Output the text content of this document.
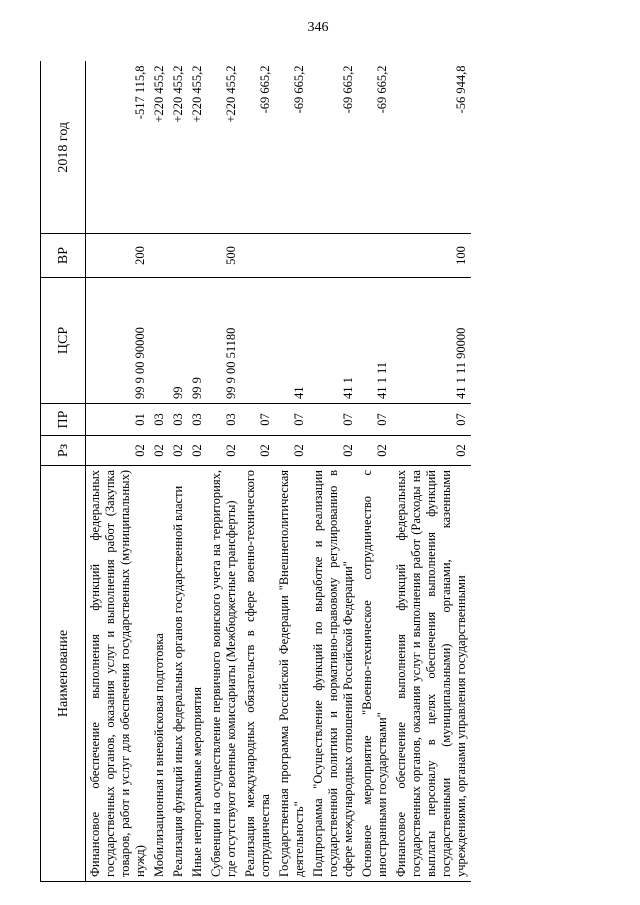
346
Наименование	Рз	ПР	ЦСР	ВР	2018 год
Финансовое обеспечение выполнения функций федеральных государственных органов, оказания услуг и выполнения работ (Закупка товаров, работ и услуг для обеспечения государственных (муниципальных) нужд)	02	01	99 9 00 90000	200	-517 115,8
Мобилизационная и вневойсковая подготовка	02	03			+220 455,2
Реализация функций иных федеральных органов государственной власти	02	03	99		+220 455,2
Иные непрограммные мероприятия	02	03	99 9		+220 455,2
Субвенции на осуществление первичного воинского учета на территориях, где отсутствуют военные комиссариаты (Межбюджетные трансферты)	02	03	99 9 00 51180	500	+220 455,2
Реализация международных обязательств в сфере военно-технического сотрудничества	02	07			-69 665,2
Государственная программа Российской Федерации "Внешнеполитическая деятельность"	02	07	41		-69 665,2
Подпрограмма "Осуществление функций по выработке и реализации государственной политики и нормативно-правовому регулированию в сфере международных отношений Российской Федерации"	02	07	41 1		-69 665,2
Основное мероприятие "Военно-техническое сотрудничество с иностранными государствами"	02	07	41 1 11		-69 665,2
Финансовое обеспечение выполнения функций федеральных государственных органов, оказания услуг и выполнения работ (Расходы на выплаты персоналу в целях обеспечения выполнения функций государственными (муниципальными) органами, казенными учреждениями, органами управления государственными	02	07	41 1 11 90000	100	-56 944,8
